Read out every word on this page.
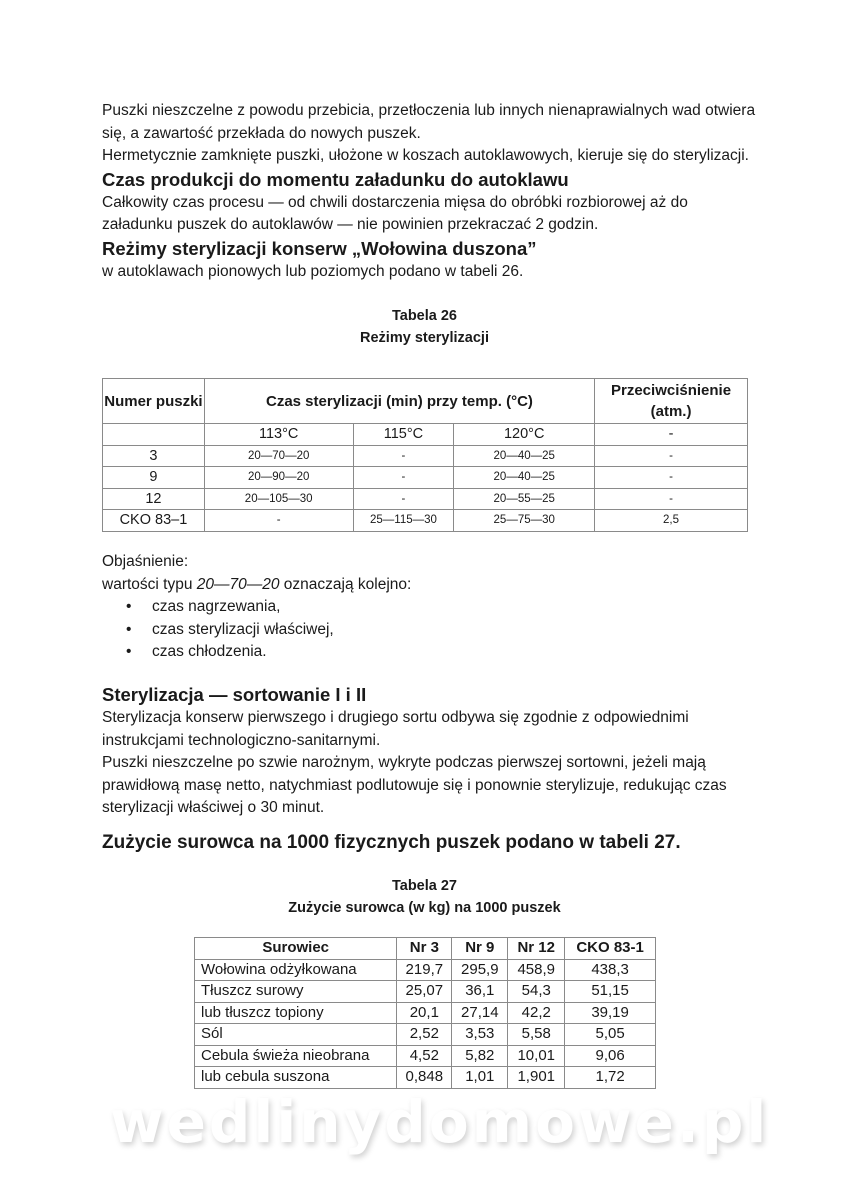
Puszki nieszczelne z powodu przebicia, przetłoczenia lub innych nienaprawialnych wad otwiera się, a zawartość przekłada do nowych puszek.

Hermetycznie zamknięte puszki, ułożone w koszach autoklawowych, kieruje się do sterylizacji.

Czas produkcji do momentu załadunku do autoklawu

Całkowity czas procesu — od chwili dostarczenia mięsa do obróbki rozbiorowej aż do załadunku puszek do autoklawów — nie powinien przekraczać 2 godzin.

Reżimy sterylizacji konserw „Wołowina duszona”

w autoklawach pionowych lub poziomych podano w tabeli 26.

Tabela 26
Reżimy sterylizacji
Numer puszki	Czas sterylizacji (min) przy temp. (°C)			Przeciwciśnienie (atm.)
	113°C	115°C	120°C	-
3	20—70—20	-	20—40—25	-
9	20—90—20	-	20—40—25	-
12	20—105—30	-	20—55—25	-
CKO 83–1	-	25—115—30	25—75—30	2,5

Objaśnienie:

wartości typu 20—70—20 oznaczają kolejno:

• czas nagrzewania,
• czas sterylizacji właściwej,
• czas chłodzenia.
Sterylizacja — sortowanie I i II

Sterylizacja konserw pierwszego i drugiego sortu odbywa się zgodnie z odpowiednimi instrukcjami technologiczno-sanitarnymi.

Puszki nieszczelne po szwie narożnym, wykryte podczas pierwszej sortowni, jeżeli mają prawidłową masę netto, natychmiast podlutowuje się i ponownie sterylizuje, redukując czas sterylizacji właściwej o 30 minut.

Zużycie surowca na 1000 fizycznych puszek podano w tabeli 27.
Tabela 27
Zużycie surowca (w kg) na 1000 puszek
Surowiec	Nr 3	Nr 9	Nr 12	CKO 83-1
Wołowina odżyłkowana	219,7	295,9	458,9	438,3
Tłuszcz surowy	25,07	36,1	54,3	51,15
lub tłuszcz topiony	20,1	27,14	42,2	39,19
Sól	2,52	3,53	5,58	5,05
Cebula świeża nieobrana	4,52	5,82	10,01	9,06
lub cebula suszona	0,848	1,01	1,901	1,72
wedlinydomowe.pl
